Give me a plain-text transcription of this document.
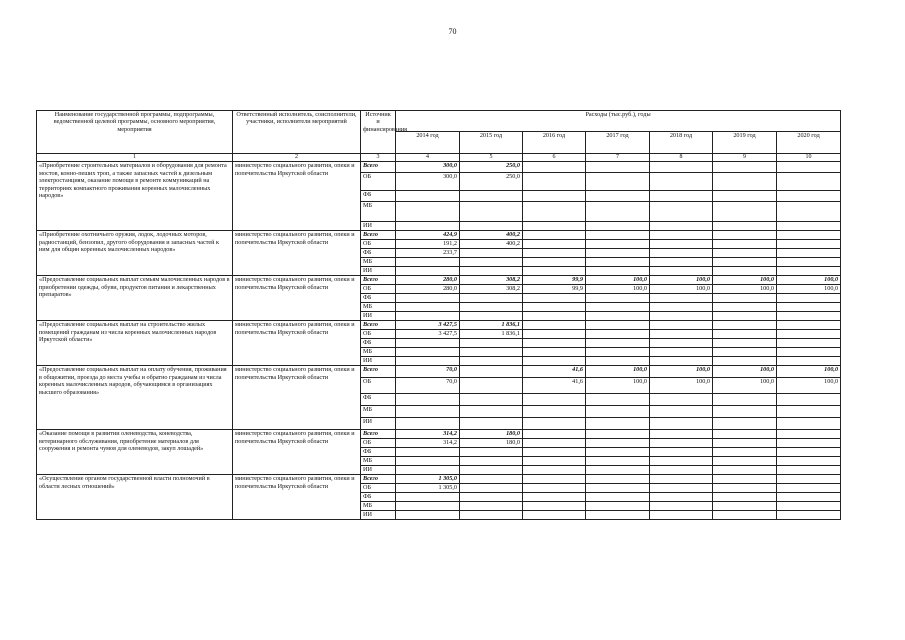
70
Наименование государственной программы, подпрограммы, ведомственной целевой программы, основного мероприятия, мероприятия	Ответственный исполнитель, соисполнители, участники, исполнители мероприятий	Источник и финансирования	Расходы (тыс.руб.), годы						
			2014 год	2015 год	2016 год	2017 год	2018 год	2019 год	2020 год
1	2	3	4	5	6	7	8	9	10
«Приобретение строительных материалов и оборудования для ремонта мостов, конно-пеших троп, а также запасных частей к дизельным электростанциям, оказание помощи в ремонте коммуникаций на территориях компактного проживания коренных малочисленных народов»	министерство социального развития, опеки и попечительства Иркутской области	Всего	300,0	250,0					
		ОБ	300,0	250,0					
		ФБ							
		МБ							
		ИИ							
«Приобретение охотничьего оружия, лодок, лодочных моторов, радиостанций, бензопил, другого оборудования и запасных частей к ним для общин коренных малочисленных народов»	министерство социального развития, опеки и попечительства Иркутской области	Всего	424,9	400,2					
		ОБ	191,2	400,2					
		ФБ	233,7						
		МБ							
		ИИ							
«Предоставление социальных выплат семьям малочисленных народов в приобретении одежды, обуви, продуктов питания и лекарственных препаратов»	министерство социального развития, опеки и попечительства Иркутской области	Всего	280,0	308,2	99,9	100,0	100,0	100,0	100,0
		ОБ	280,0	308,2	99,9	100,0	100,0	100,0	100,0
		ФБ							
		МБ							
		ИИ							
«Предоставление социальных выплат на строительство жилых помещений гражданам из числа коренных малочисленных народов Иркутской области»	министерство социального развития, опеки и попечительства Иркутской области	Всего	3 427,5	1 836,1					
		ОБ	3 427,5	1 836,1					
		ФБ							
		МБ							
		ИИ							
«Предоставление социальных выплат на оплату обучения, проживания в общежитии, проезда до места учебы и обратно гражданам из числа коренных малочисленных народов, обучающимся в организациях высшего образования»	министерство социального развития, опеки и попечительства Иркутской области	Всего	70,0		41,6	100,0	100,0	100,0	100,0
		ОБ	70,0		41,6	100,0	100,0	100,0	100,0
		ФБ							
		МБ							
		ИИ							
«Оказание помощи в развитии оленеводства, коневодства, ветеринарного обслуживания, приобретение материалов для сооружения и ремонта чумов для оленеводов, закуп лошадей»	министерство социального развития, опеки и попечительства Иркутской области	Всего	314,2	180,0					
		ОБ	314,2	180,0					
		ФБ							
		МБ							
		ИИ							
«Осуществление органом государственной власти полномочий в области лесных отношений»	министерство социального развития, опеки и попечительства Иркутской области	Всего	1 305,0						
		ОБ	1 305,0						
		ФБ							
		МБ							
		ИИ							
